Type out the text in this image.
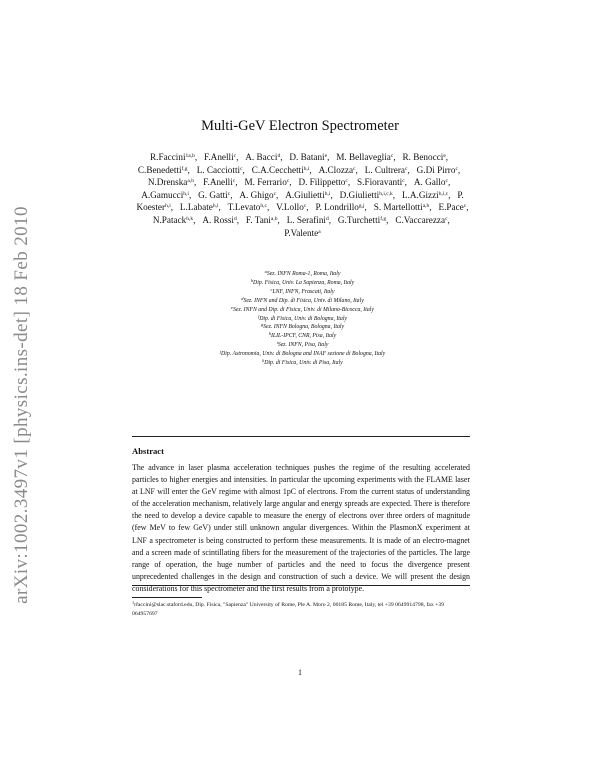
arXiv:1002.3497v1 [physics.ins-det] 18 Feb 2010
Multi-GeV Electron Spectrometer
R.Faccini$^{1a,b}$,  F.Anelli$^c$,  A. Bacci$^d$,  D. Batani$^e$,  M. Bellaveglia$^c$,  R. Benocci$^e$,  C.Benedetti$^{f,g}$,  L. Cacciotti$^c$,  C.A.Cecchetti$^{h,i}$,  A.Clozza$^c$,  L. Cultrera$^c$,  G.Di Pirro$^c$,  N.Drenska$^{a,b}$,  F.Anelli$^c$,  M. Ferrario$^c$,  D. Filippetto$^c$,  S.Fioravanti$^c$,  A. Gallo$^c$,  A.Gamucci$^{h,i}$,  G. Gatti$^c$,  A. Ghigo$^c$,  A.Giulietti$^{h,i}$,  D.Giulietti$^{h,i,c,k}$,  L.A.Gizzi$^{h,i,c}$,  P. Koester$^{h,i}$,  L.Labate$^{h,i}$,  T.Levato$^{h,c}$,  V.Lollo$^c$,  P. Londrillo$^{g,j}$,  S. Martellotti$^{a,b}$,  E.Pace$^c$,  N.Patack$^{h,k}$,  A. Rossi$^d$,  F. Tani$^{a,b}$,  L. Serafini$^d$,  G.Turchetti$^{f,g}$,  C.Vaccarezza$^c$,  P.Valente$^a$
$^a$Sez. INFN Roma-1, Roma, Italy
$^b$Dip. Fisica, Univ. La Sapienza, Roma, Italy
$^c$LNF, INFN, Frascati, Italy
$^d$Sez. INFN and Dip. di Fisica, Univ. di Milano, Italy
$^e$Sez. INFN and Dip. di Fisica, Univ. di Milano-Bicocca, Italy
$^f$Dip. di Fisica, Univ. di Bologna, Italy
$^g$Sez. INFN Bologna, Bologna, Italy
$^h$ILIL-IPCF, CNR, Pisa, Italy
$^i$Sez. INFN, Pisa, Italy
$^j$Dip. Astronomia, Univ. di Bologna and INAF sezione di Bologna, Italy
$^k$Dip. di Fisica, Univ. di Pisa, Italy
Abstract
The advance in laser plasma acceleration techniques pushes the regime of the resulting accelerated particles to higher energies and intensities. In particular the upcoming experiments with the FLAME laser at LNF will enter the GeV regime with almost 1pC of electrons. From the current status of understanding of the acceleration mechanism, relatively large angular and energy spreads are expected. There is therefore the need to develop a device capable to measure the energy of electrons over three orders of magnitude (few MeV to few GeV) under still unknown angular divergences. Within the PlasmonX experiment at LNF a spectrometer is being constructed to perform these measurements. It is made of an electro-magnet and a screen made of scintillating fibers for the measurement of the trajectories of the particles. The large range of operation, the huge number of particles and the need to focus the divergence present unprecedented challenges in the design and construction of such a device. We will present the design considerations for this spectrometer and the first results from a prototype.
$^1$rfaccini@slac.staford.edu, Dip. Fisica, "Sapienza" University of Rome, Ple A. Moro 2, 00185 Rome, Italy, tel +39 0649914798, fax +39 064957697
1
